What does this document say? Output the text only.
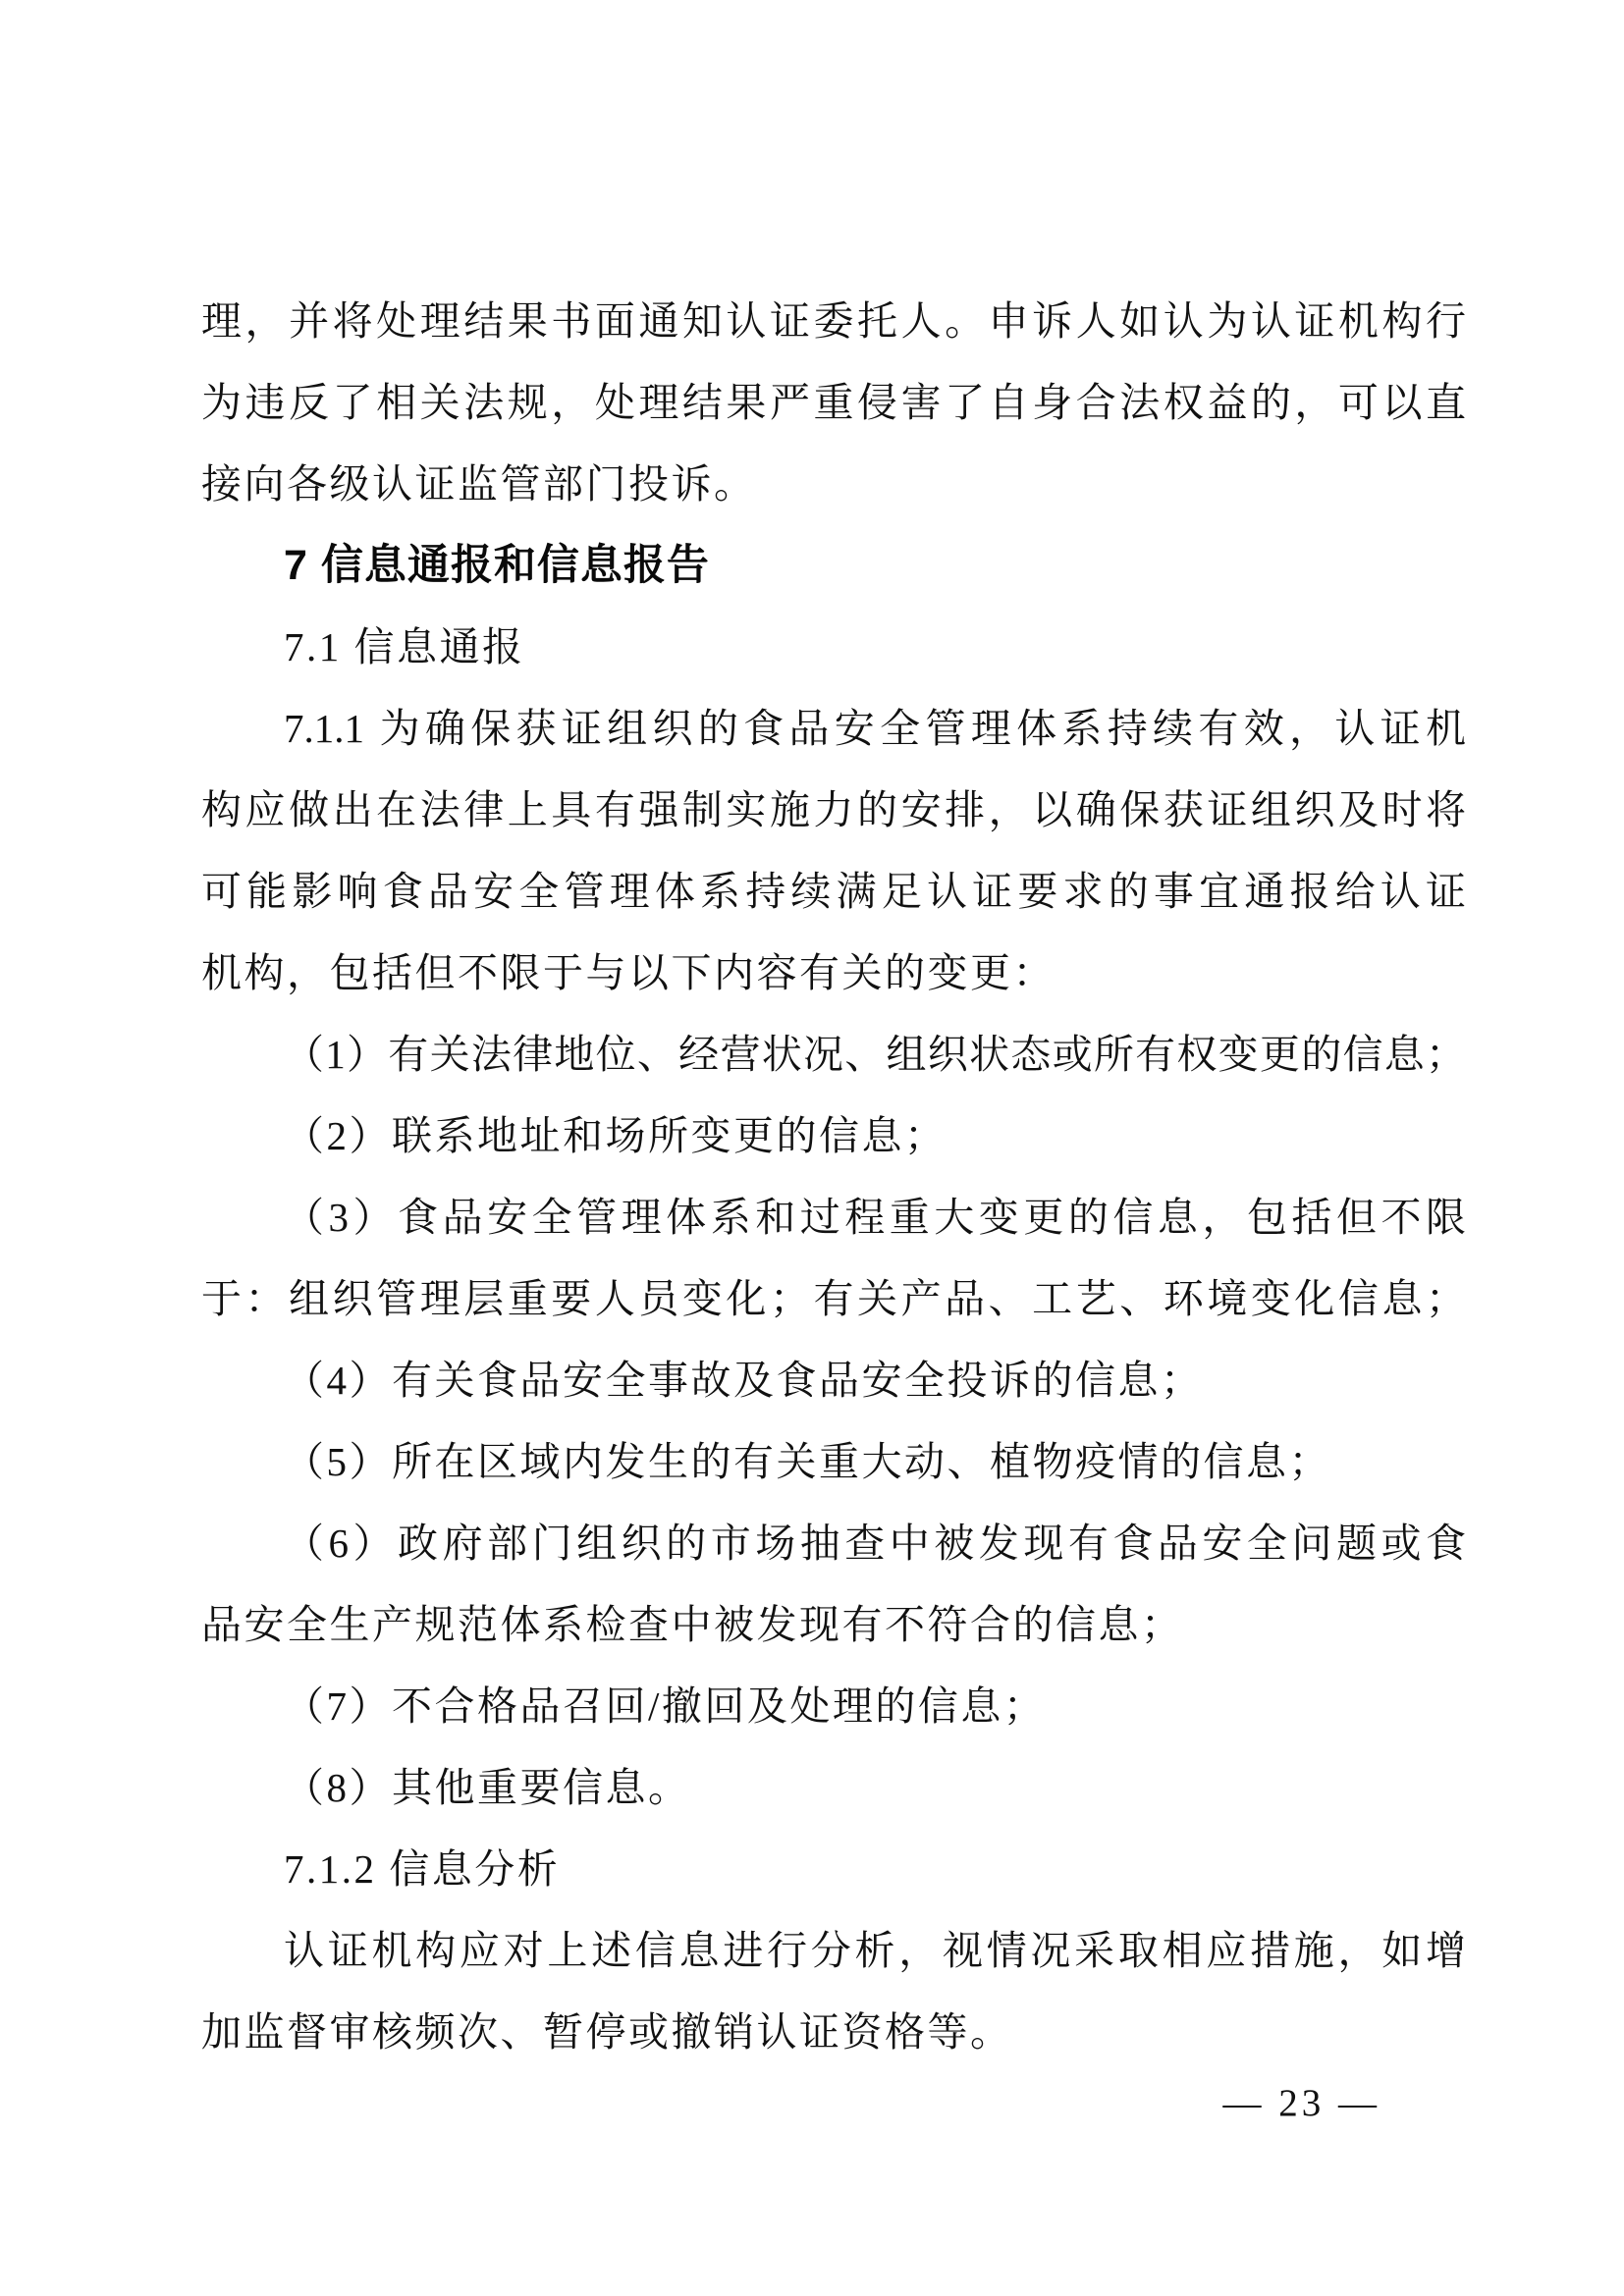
理，并将处理结果书面通知认证委托人。申诉人如认为认证机构行
为违反了相关法规，处理结果严重侵害了自身合法权益的，可以直
接向各级认证监管部门投诉。
7 信息通报和信息报告
7.1 信息通报
7.1.1 为确保获证组织的食品安全管理体系持续有效，认证机
构应做出在法律上具有强制实施力的安排，以确保获证组织及时将
可能影响食品安全管理体系持续满足认证要求的事宜通报给认证
机构，包括但不限于与以下内容有关的变更：
（1）有关法律地位、经营状况、组织状态或所有权变更的信息；
（2）联系地址和场所变更的信息；
（3）食品安全管理体系和过程重大变更的信息，包括但不限
于：组织管理层重要人员变化；有关产品、工艺、环境变化信息；
（4）有关食品安全事故及食品安全投诉的信息；
（5）所在区域内发生的有关重大动、植物疫情的信息；
（6）政府部门组织的市场抽查中被发现有食品安全问题或食
品安全生产规范体系检查中被发现有不符合的信息；
（7）不合格品召回/撤回及处理的信息；
（8）其他重要信息。
7.1.2 信息分析
认证机构应对上述信息进行分析，视情况采取相应措施，如增
加监督审核频次、暂停或撤销认证资格等。
— 23 —
